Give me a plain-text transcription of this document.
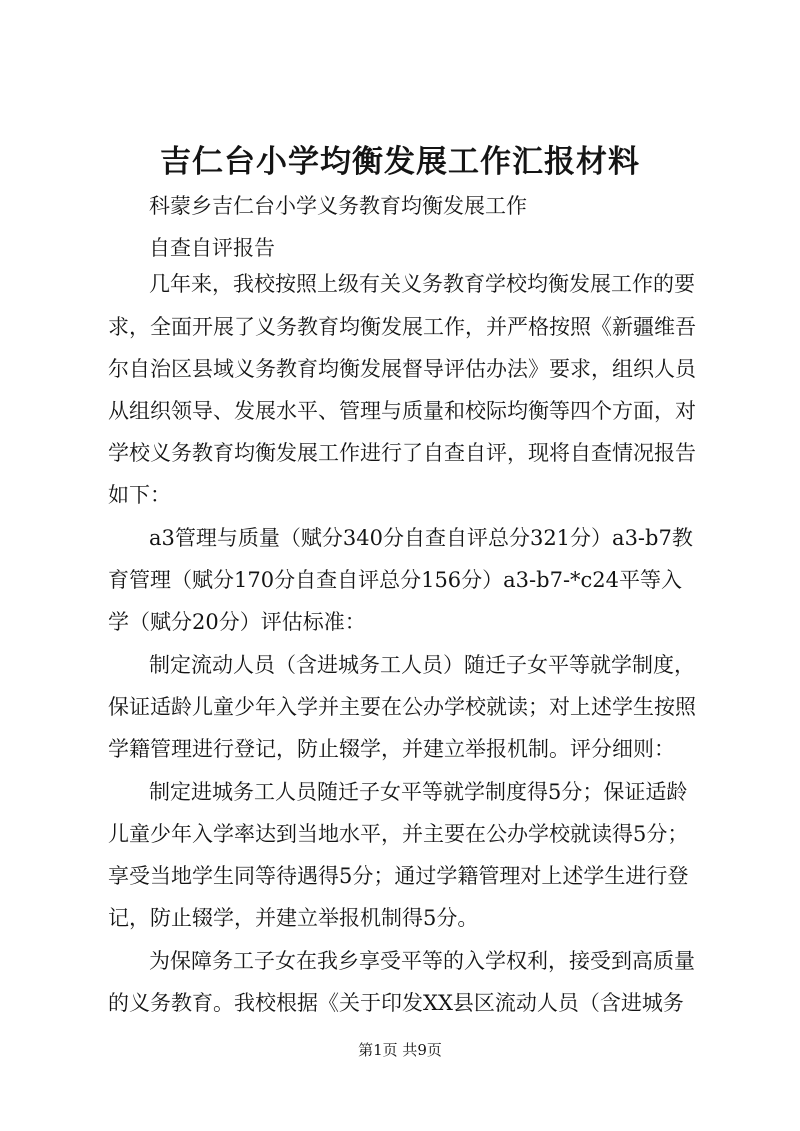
吉仁台小学均衡发展工作汇报材料
科蒙乡吉仁台小学义务教育均衡发展工作
自查自评报告
几年来，我校按照上级有关义务教育学校均衡发展工作的要
求，全面开展了义务教育均衡发展工作，并严格按照《新疆维吾
尔自治区县域义务教育均衡发展督导评估办法》要求，组织人员
从组织领导、发展水平、管理与质量和校际均衡等四个方面，对
学校义务教育均衡发展工作进行了自查自评，现将自查情况报告
如下：
a3管理与质量（赋分340分自查自评总分321分）a3-b7教
育管理（赋分170分自查自评总分156分）a3-b7-*c24平等入
学（赋分20分）评估标准：
制定流动人员（含进城务工人员）随迁子女平等就学制度，
保证适龄儿童少年入学并主要在公办学校就读；对上述学生按照
学籍管理进行登记，防止辍学，并建立举报机制。评分细则：
制定进城务工人员随迁子女平等就学制度得5分；保证适龄
儿童少年入学率达到当地水平，并主要在公办学校就读得5分；
享受当地学生同等待遇得5分；通过学籍管理对上述学生进行登
记，防止辍学，并建立举报机制得5分。
为保障务工子女在我乡享受平等的入学权利，接受到高质量
的义务教育。我校根据《关于印发XX县区流动人员（含进城务
第1页 共9页
